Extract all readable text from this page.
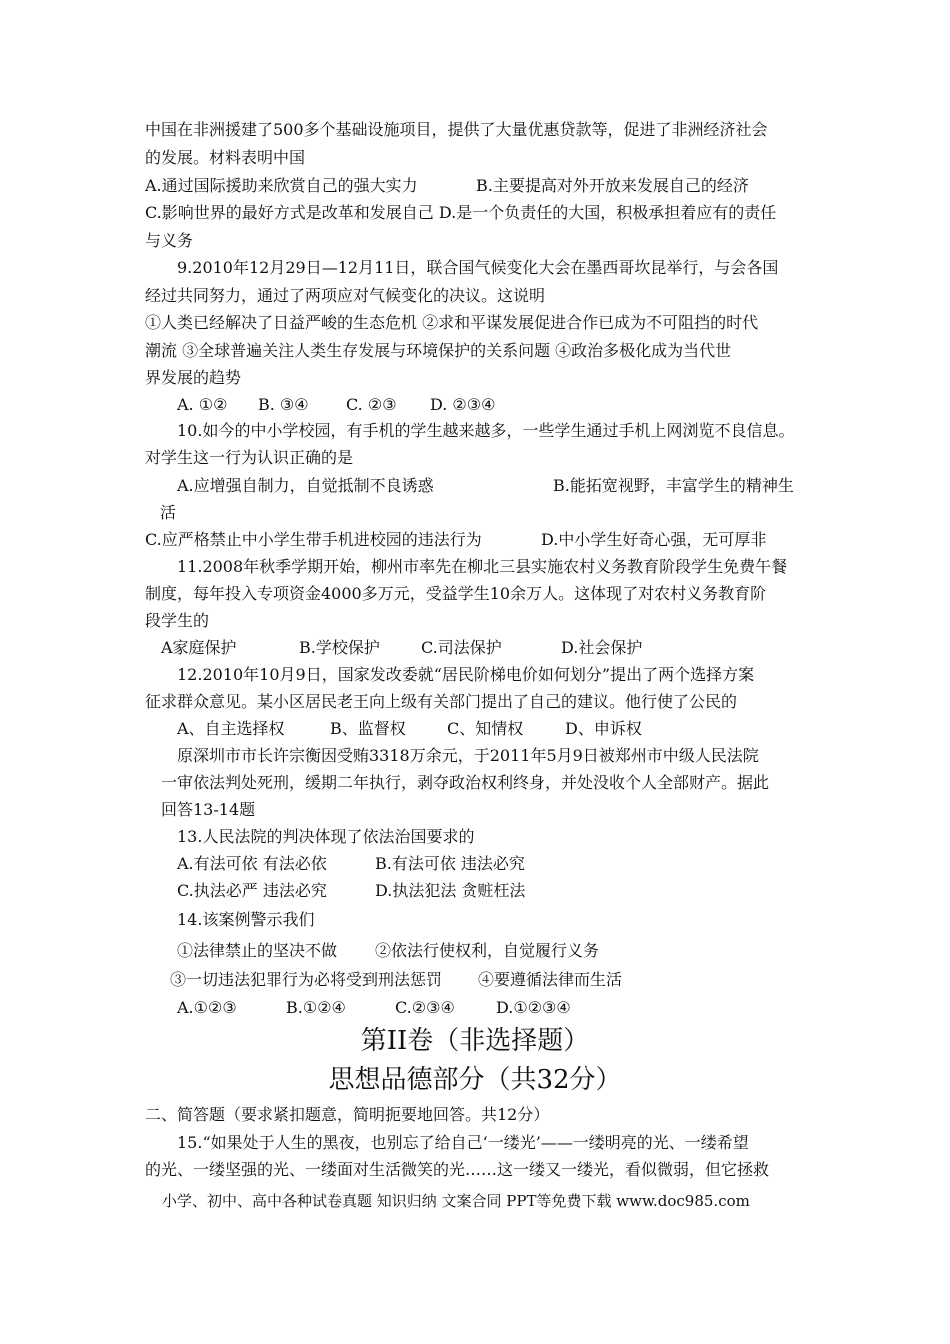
中国在非洲援建了500多个基础设施项目，提供了大量优惠贷款等，促进了非洲经济社会
的发展。材料表明中国
A.通过国际援助来欣赏自己的强大实力	B.主要提高对外开放来发展自己的经济
C.影响世界的最好方式是改革和发展自己 D.是一个负责任的大国，积极承担着应有的责任
与义务
9.2010年12月29日—12月11日，联合国气候变化大会在墨西哥坎昆举行，与会各国
经过共同努力，通过了两项应对气候变化的决议。这说明
①人类已经解决了日益严峻的生态危机 ②求和平谋发展促进合作已成为不可阻挡的时代
潮流 ③全球普遍关注人类生存发展与环境保护的关系问题 ④政治多极化成为当代世
界发展的趋势
A. ①② B. ③④ C. ②③ D. ②③④
10.如今的中小学校园，有手机的学生越来越多，一些学生通过手机上网浏览不良信息。
对学生这一行为认识正确的是
A.应增强自制力，自觉抵制不良诱惑	B.能拓宽视野，丰富学生的精神生
活
C.应严格禁止中小学生带手机进校园的违法行为	D.中小学生好奇心强，无可厚非
11.2008年秋季学期开始，柳州市率先在柳北三县实施农村义务教育阶段学生免费午餐
制度，每年投入专项资金4000多万元，受益学生10余万人。这体现了对农村义务教育阶
段学生的
A家庭保护	B.学校保护	C.司法保护	D.社会保护
12.2010年10月9日，国家发改委就“居民阶梯电价如何划分”提出了两个选择方案
征求群众意见。某小区居民老王向上级有关部门提出了自己的建议。他行使了公民的
A、自主选择权	B、监督权	C、知情权	D、申诉权
原深圳市市长许宗衡因受贿3318万余元，于2011年5月9日被郑州市中级人民法院
一审依法判处死刑，缓期二年执行，剥夺政治权利终身，并处没收个人全部财产。据此
回答13-14题
13.人民法院的判决体现了依法治国要求的
A.有法可依 有法必依	B.有法可依 违法必究
C.执法必严 违法必究	D.执法犯法 贪赃枉法
14.该案例警示我们
①法律禁止的坚决不做 ②依法行使权利，自觉履行义务
③一切违法犯罪行为必将受到刑法惩罚 ④要遵循法律而生活
A.①②③	B.①②④	C.②③④	D.①②③④
第II卷（非选择题）
思想品德部分（共32分）
二、简答题（要求紧扣题意，简明扼要地回答。共12分）
15.“如果处于人生的黑夜，也别忘了给自己‘一缕光’——一缕明亮的光、一缕希望
的光、一缕坚强的光、一缕面对生活微笑的光……这一缕又一缕光，看似微弱，但它拯救
小学、初中、高中各种试卷真题 知识归纳 文案合同 PPT等免费下载 www.doc985.com
